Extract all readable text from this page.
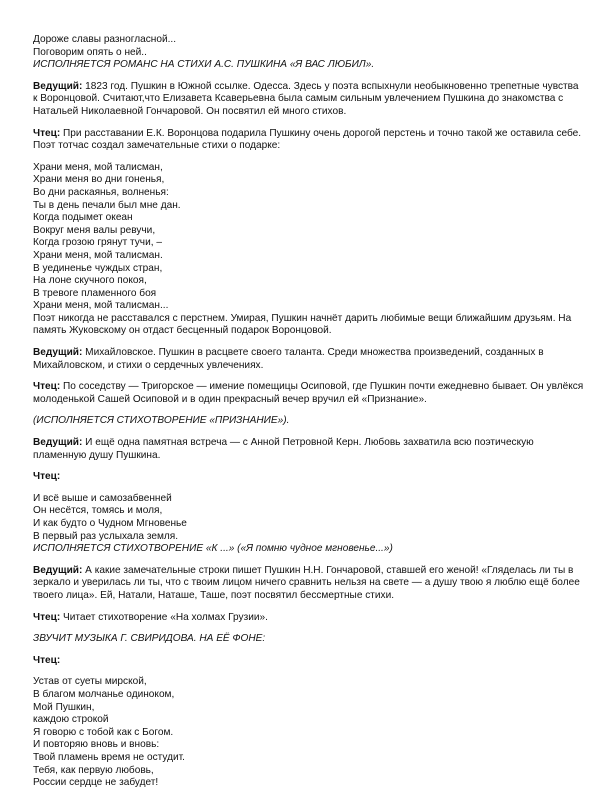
Дороже славы разногласной...
Поговорим опять о ней..
ИСПОЛНЯЕТСЯ РОМАНС НА СТИХИ А.С. ПУШКИНА «Я ВАС ЛЮБИЛ».

Ведущий: 1823 год. Пушкин в Южной ссылке. Одесса. Здесь у поэта вспыхнули необыкновенно трепетные чувства к Воронцовой. Считают,что Елизавета Ксаверьевна была самым сильным увлечением Пушкина до знакомства с Натальей Николаевной Гончаровой. Он посвятил ей много стихов.

Чтец: При расставании Е.К. Воронцова подарила Пушкину очень дорогой перстень и точно такой же оставила себе. Поэт тотчас создал замечательные стихи о подарке:

Храни меня, мой талисман,
Храни меня во дни гоненья,
Во дни раскаянья, волненья:
Ты в день печали был мне дан.
Когда подымет океан
Вокруг меня валы ревучи,
Когда грозою грянут тучи, –
Храни меня, мой талисман.
В уединенье чуждых стран,
На лоне скучного покоя,
В тревоге пламенного боя
Храни меня, мой талисман...

Поэт никогда не расставался с перстнем. Умирая, Пушкин начнёт дарить любимые вещи ближайшим друзьям. На память Жуковскому он отдаст бесценный подарок Воронцовой.

Ведущий: Михайловское. Пушкин в расцвете своего таланта. Среди множества произведений, созданных в Михайловском, и стихи о сердечных увлечениях.

Чтец: По соседству — Тригорское — имение помещицы Осиповой, где Пушкин почти ежедневно бывает. Он увлёкся молоденькой Сашей Осиповой и в один прекрасный вечер вручил ей «Признание».

(ИСПОЛНЯЕТСЯ СТИХОТВОРЕНИЕ «ПРИЗНАНИЕ»).

Ведущий: И ещё одна памятная встреча — с Анной Петровной Керн. Любовь захватила всю поэтическую пламенную душу Пушкина.

Чтец:
И всё выше и самозабвенней
Он несётся, томясь и моля,
И как будто о Чудном Мгновенье
В первый раз услыхала земля.
ИСПОЛНЯЕТСЯ СТИХОТВОРЕНИЕ «К ...» («Я помню чудное мгновенье...»)

Ведущий: А какие замечательные строки пишет Пушкин Н.Н. Гончаровой, ставшей его женой! «Гляделась ли ты в зеркало и уверилась ли ты, что с твоим лицом ничего сравнить нельзя на свете — а душу твою я люблю ещё более твоего лица». Ей, Натали, Наташе, Таше, поэт посвятил бессмертные стихи.

Чтец: Читает стихотворение «На холмах Грузии».

ЗВУЧИТ МУЗЫКА Г. СВИРИДОВА. НА ЕЁ ФОНЕ:
Чтец:
Устав от суеты мирской,
В благом молчанье одиноком,
Мой Пушкин,
каждою строкой
Я говорю с тобой как с Богом.
И повторяю вновь и вновь:
Твой пламень время не остудит.
Тебя, как первую любовь,
России сердце не забудет!
